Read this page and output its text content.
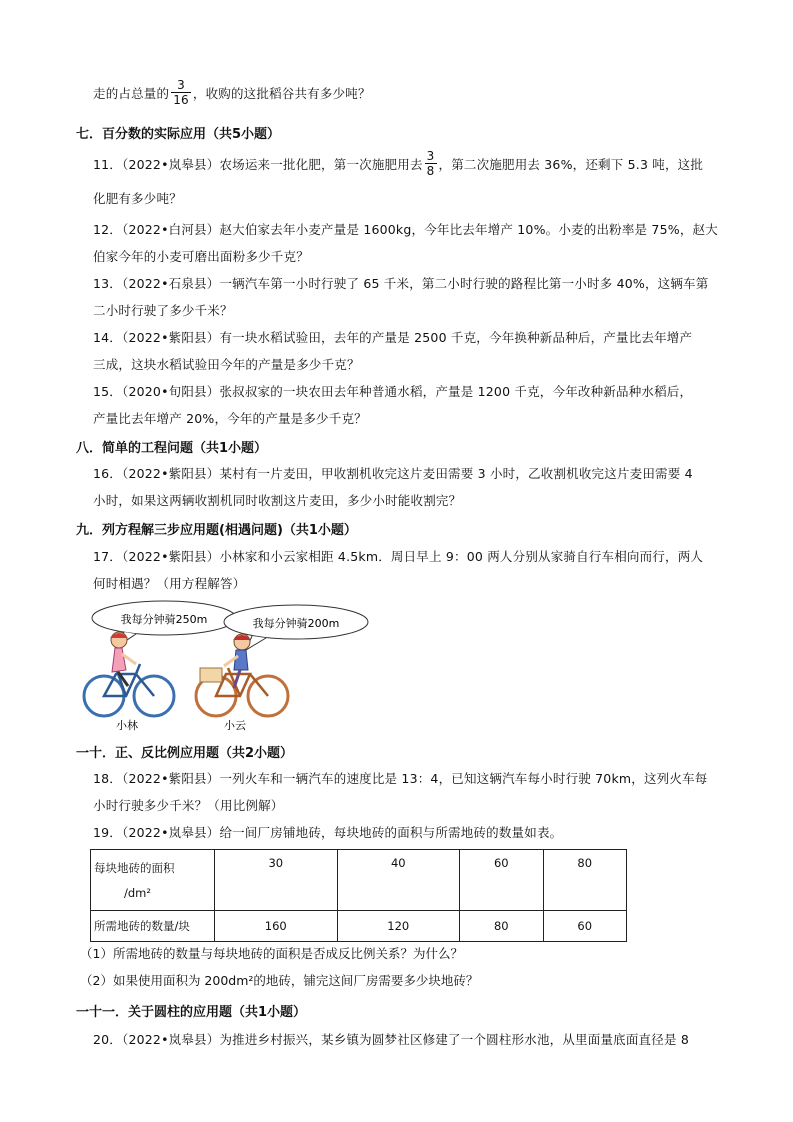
走的占总量的 $\frac{3}{16}$ ，收购的这批稻谷共有多少吨？
七．百分数的实际应用（共5小题）
11．（2022•岚皋县）农场运来一批化肥，第一次施肥用去 $\frac{3}{8}$ ，第二次施肥用去 36%，还剩下 5.3 吨，这批
化肥有多少吨？
12．（2022•白河县）赵大伯家去年小麦产量是 1600kg，今年比去年增产 10%。小麦的出粉率是 75%，赵大
伯家今年的小麦可磨出面粉多少千克？
13．（2022•石泉县）一辆汽车第一小时行驶了 65 千米，第二小时行驶的路程比第一小时多 40%，这辆车第
二小时行驶了多少千米？
14．（2022•紫阳县）有一块水稻试验田，去年的产量是 2500 千克，今年换种新品种后，产量比去年增产
三成，这块水稻试验田今年的产量是多少千克？
15．（2020•旬阳县）张叔叔家的一块农田去年种普通水稻，产量是 1200 千克，今年改种新品种水稻后，
产量比去年增产 20%，今年的产量是多少千克？
八．简单的工程问题（共1小题）
16．（2022•紫阳县）某村有一片麦田，甲收割机收完这片麦田需要 3 小时，乙收割机收完这片麦田需要 4
小时，如果这两辆收割机同时收割这片麦田，多少小时能收割完？
九．列方程解三步应用题(相遇问题)（共1小题）
17．（2022•紫阳县）小林家和小云家相距 4.5km．周日早上 9：00 两人分别从家骑自行车相向而行，两人
何时相遇？（用方程解答）
我每分钟骑250m	我每分钟骑200m
小林	小云
一十．正、反比例应用题（共2小题）
18．（2022•紫阳县）一列火车和一辆汽车的速度比是 13：4，已知这辆汽车每小时行驶 70km，这列火车每
小时行驶多少千米？（用比例解）
19．（2022•岚皋县）给一间厂房铺地砖，每块地砖的面积与所需地砖的数量如表。
每块地砖的面积
/dm²	30	40	60	80
所需地砖的数量/块	160	120	80	60
（1）所需地砖的数量与每块地砖的面积是否成反比例关系？为什么？
（2）如果使用面积为 200dm²的地砖，铺完这间厂房需要多少块地砖？
一十一．关于圆柱的应用题（共1小题）
20．（2022•岚皋县）为推进乡村振兴，某乡镇为圆梦社区修建了一个圆柱形水池，从里面量底面直径是 8
